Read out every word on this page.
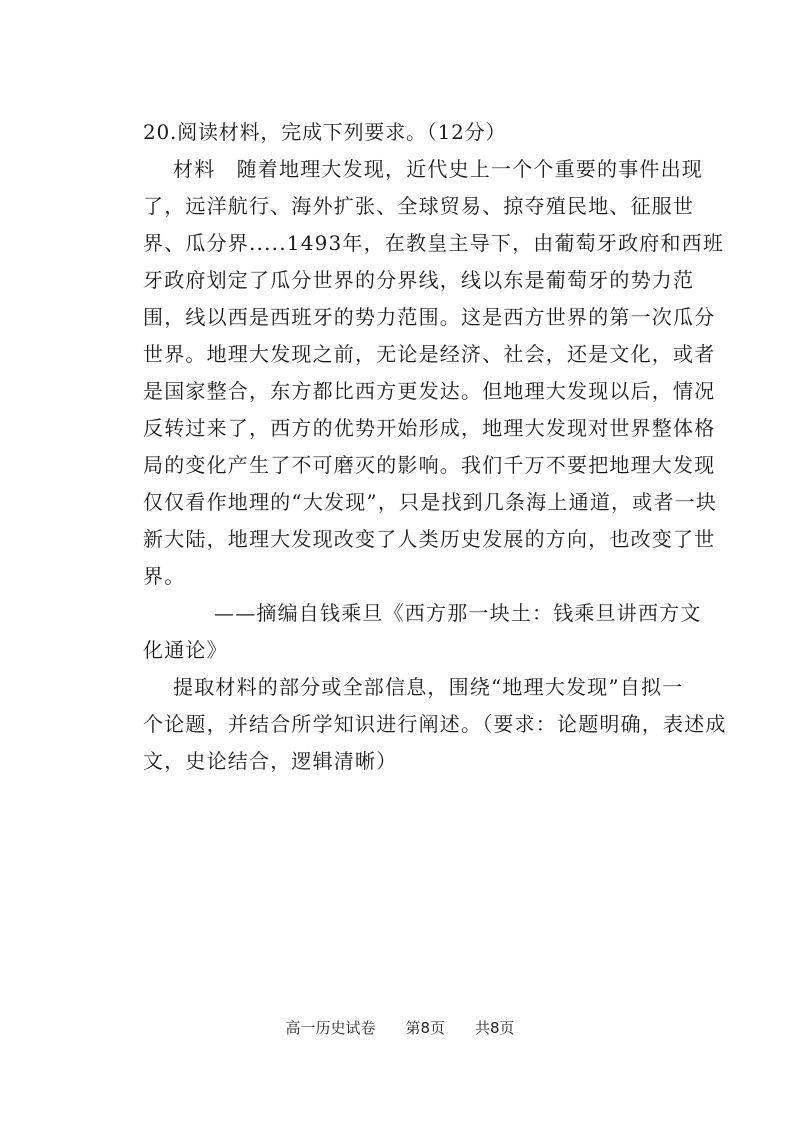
20.阅读材料，完成下列要求。（12分）
材料　随着地理大发现，近代史上一个个重要的事件出现
了，远洋航行、海外扩张、全球贸易、掠夺殖民地、征服世
界、瓜分界.....1493年，在教皇主导下，由葡萄牙政府和西班
牙政府划定了瓜分世界的分界线，线以东是葡萄牙的势力范
围，线以西是西班牙的势力范围。这是西方世界的第一次瓜分
世界。地理大发现之前，无论是经济、社会，还是文化，或者
是国家整合，东方都比西方更发达。但地理大发现以后，情况
反转过来了，西方的优势开始形成，地理大发现对世界整体格
局的变化产生了不可磨灭的影响。我们千万不要把地理大发现
仅仅看作地理的“大发现”，只是找到几条海上通道，或者一块
新大陆，地理大发现改变了人类历史发展的方向，也改变了世
界。
——摘编自钱乘旦《西方那一块土：钱乘旦讲西方文
化通论》
提取材料的部分或全部信息，围绕“地理大发现”自拟一
个论题，并结合所学知识进行阐述。（要求：论题明确，表述成
文，史论结合，逻辑清晰）
高一历史试卷　　第8页　　共8页
